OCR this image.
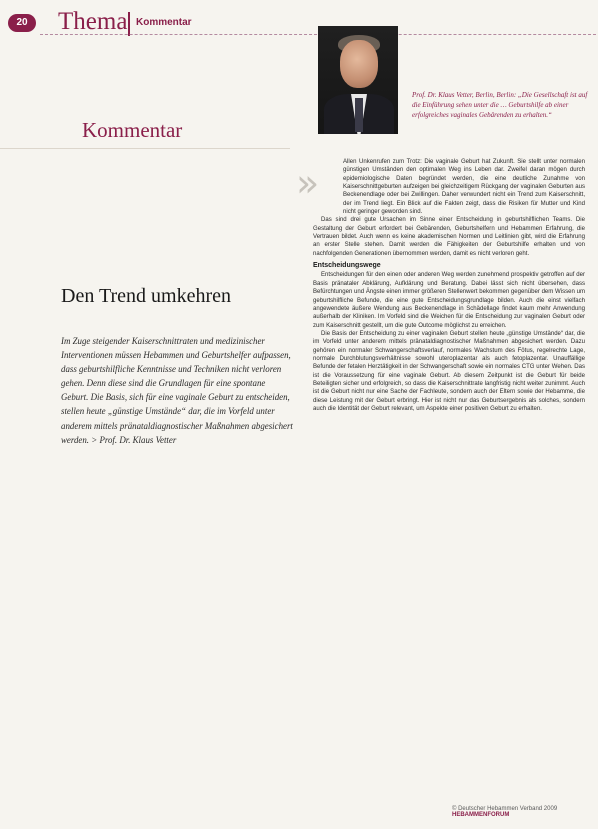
20	Thema Kommentar

Prof. Dr. Klaus Vetter, Berlin, Berlin: „Die Gesellschaft ist auf die Einführung sehen unter die … Geburtshilfe ab einer erfolgreiches vaginales Gebärenden zu erhalten.“

Kommentar
Den Trend umkehren

Im Zuge steigender Kaiserschnittraten und medizinischer Interventionen müssen Hebammen und Geburtshelfer aufpassen, dass geburtshilfliche Kenntnisse und Techniken nicht verloren gehen. Denn diese sind die Grundlagen für eine spontane Geburt. Die Basis, sich für eine vaginale Geburt zu entscheiden, stellen heute „günstige Umstände“ dar, die im Vorfeld unter anderem mittels pränataldiagnostischer Maßnahmen abgesichert werden. > Prof. Dr. Klaus Vetter

»	Allen Unkenrufen zum Trotz: Die vaginale Geburt hat Zukunft. Sie stellt unter normalen günstigen Umständen den optimalen Weg ins Leben dar. Zweifel daran mögen durch epidemiologische Daten begründet werden, die eine deutliche Zunahme von Kaiserschnittgeburten aufzeigen bei gleichzeitigem Rückgang der vaginalen Geburten aus Beckenendlage oder bei Zwillingen. Daher verwundert nicht ein Trend zum Kaiserschnitt, der im Trend liegt. Ein Blick auf die Fakten zeigt, dass die Risiken für Mutter und Kind nicht geringer geworden sind.

Das sind drei gute Ursachen im Sinne einer Entscheidung in geburtshilflichen Teams. Die Gestaltung der Geburt erfordert bei Gebärenden, Geburtshelfern und Hebammen Erfahrung, die Vertrauen bildet. Auch wenn es keine akademischen Normen und Leitlinien gibt, wird die Erfahrung an erster Stelle stehen. Damit werden die Fähigkeiten der Geburtshilfe erhalten und von nachfolgenden Generationen übernommen werden, damit es nicht verloren geht.

Entscheidungswege

Entscheidungen für den einen oder anderen Weg werden zunehmend prospektiv getroffen auf der Basis pränataler Abklärung, Aufklärung und Beratung. Dabei lässt sich nicht übersehen, dass Befürchtungen und Ängste einen immer größeren Stellenwert bekommen gegenüber dem Wissen um geburtshilfliche Befunde, die eine gute Entscheidungsgrundlage bilden. Auch die einst vielfach angewendete äußere Wendung aus Beckenendlage in Schädellage findet kaum mehr Anwendung außerhalb der Kliniken. Im Vorfeld sind die Weichen für die Entscheidung zur vaginalen Geburt oder zum Kaiserschnitt gestellt, um die gute Outcome möglichst zu erreichen.

Die Basis der Entscheidung zu einer vaginalen Geburt stellen heute „günstige Umstände“ dar, die im Vorfeld unter anderem mittels pränataldiagnostischer Maßnahmen abgesichert werden. Dazu gehören ein normaler Schwangerschaftsverlauf, normales Wachstum des Fötus, regelrechte Lage, normale Durchblutungsverhältnisse sowohl uteroplazentar als auch fetoplazentar. Unauffällige Befunde der fetalen Herztätigkeit in der Schwangerschaft sowie ein normales CTG unter Wehen. Das ist die Voraussetzung für eine vaginale Geburt. Ab diesem Zeitpunkt ist die Geburt für beide Beteiligten sicher und erfolgreich, so dass die Kaiserschnittrate langfristig nicht weiter zunimmt. Auch ist die Geburt nicht nur eine Sache der Fachleute, sondern auch der Eltern sowie der Hebamme, die diese Leistung mit der Geburt erbringt. Hier ist nicht nur das Geburtsergebnis als solches, sondern auch die Identität der Geburt relevant, um Aspekte einer positiven Geburt zu erhalten.

© Deutscher Hebammen Verband 2009 HEBAMMENFORUM
